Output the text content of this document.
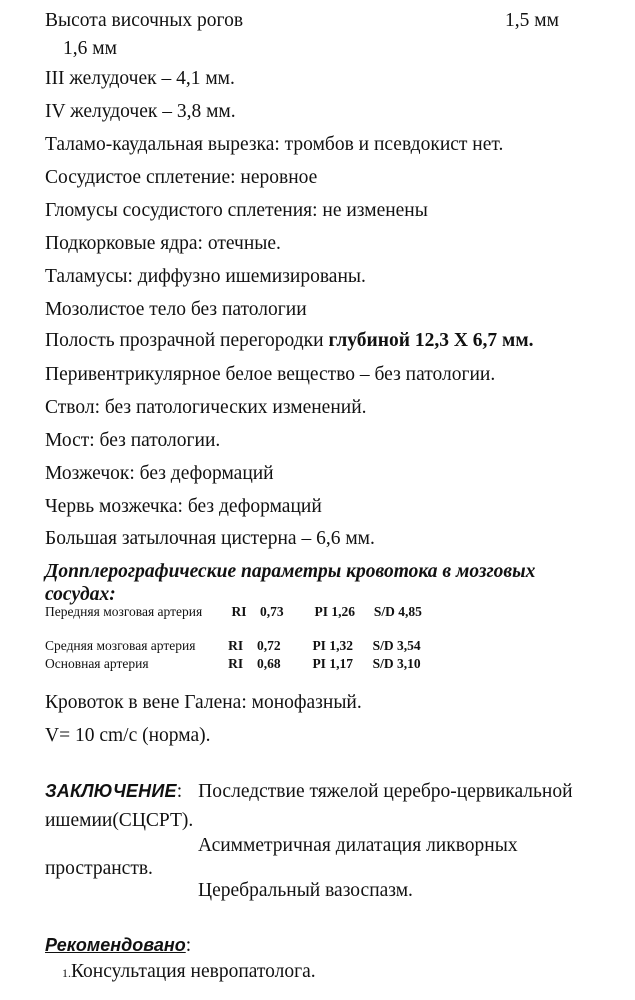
Высота височных рогов	1,5 мм
1,6 мм
III желудочек – 4,1 мм.
IV желудочек – 3,8 мм.
Таламо-каудальная вырезка: тромбов и псевдокист нет.
Сосудистое сплетение: неровное
Гломусы сосудистого сплетения: не изменены
Подкорковые ядра: отечные.
Таламусы: диффузно ишемизированы.
Мозолистое тело без патологии
Полость прозрачной перегородки глубиной 12,3 X 6,7 мм.
Перивентрикулярное белое вещество – без патологии.
Ствол: без патологических изменений.
Мост: без патологии.
Мозжечок: без деформаций
Червь мозжечка: без деформаций
Большая затылочная цистерна – 6,6 мм.
Допплерографические параметры кровотока в мозговых сосудах:
Передняя мозговая артерия	RI	0,73	PI 1,26	S/D 4,85
Средняя мозговая артерия	RI	0,72	PI 1,32	S/D 3,54
Основная артерия	RI	0,68	PI 1,17	S/D 3,10
Кровоток в вене Галена: монофазный.
V= 10 cm/c (норма).
ЗАКЛЮЧЕНИЕ: Последствие тяжелой церебро-цервикальной
ишемии(СЦСРТ).
Асимметричная дилатация ликворных
пространств.
Церебральный вазоспазм.
Рекомендовано:
1.Консультация невропатолога.
